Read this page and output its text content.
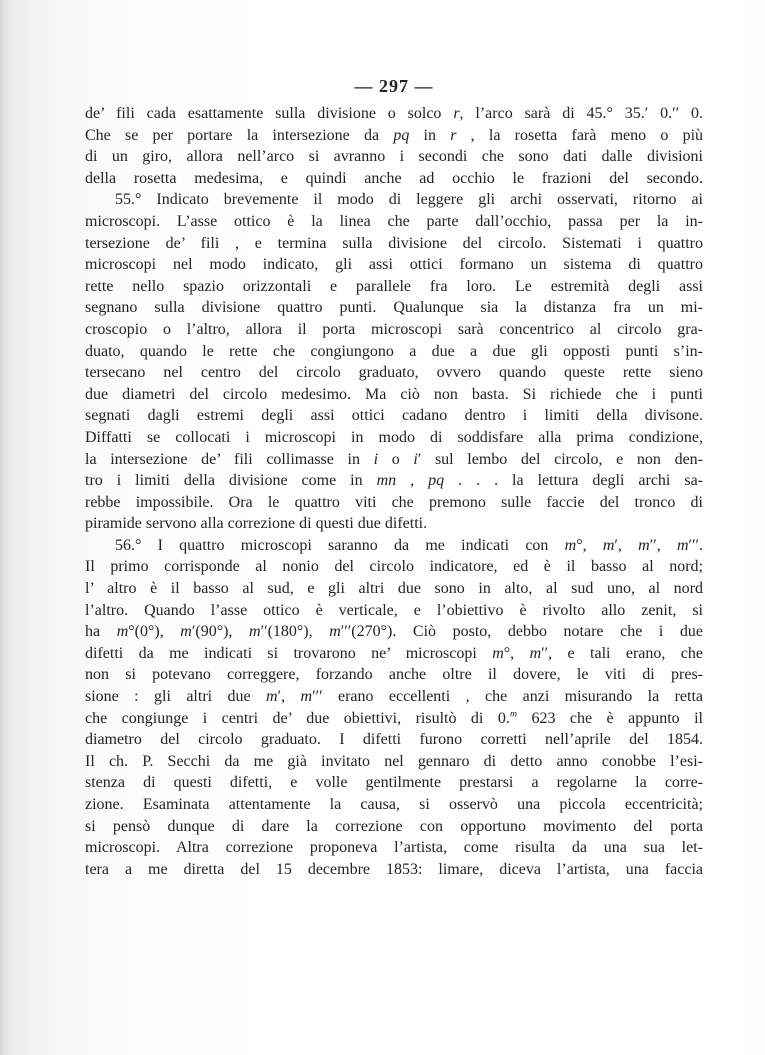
— 297 —
de’ fili cada esattamente sulla divisione o solco r, l’arco sarà di 45.° 35.′ 0.′′ 0.
Che se per portare la intersezione da pq in r , la rosetta farà meno o più
di un giro, allora nell’arco si avranno i secondi che sono dati dalle divisioni
della rosetta medesima, e quindi anche ad occhio le frazioni del secondo.
55.° Indicato brevemente il modo di leggere gli archi osservati, ritorno ai
microscopi. L’asse ottico è la linea che parte dall’occhio, passa per la in-
tersezione de’ fili , e termina sulla divisione del circolo. Sistemati i quattro
microscopi nel modo indicato, gli assi ottici formano un sistema di quattro
rette nello spazio orizzontali e parallele fra loro. Le estremità degli assi
segnano sulla divisione quattro punti. Qualunque sia la distanza fra un mi-
croscopio o l’altro, allora il porta microscopi sarà concentrico al circolo gra-
duato, quando le rette che congiungono a due a due gli opposti punti s’in-
tersecano nel centro del circolo graduato, ovvero quando queste rette sieno
due diametri del circolo medesimo. Ma ciò non basta. Si richiede che i punti
segnati dagli estremi degli assi ottici cadano dentro i limiti della divisone.
Diffatti se collocati i microscopi in modo di soddisfare alla prima condizione,
la intersezione de’ fili collimasse in i o i′ sul lembo del circolo, e non den-
tro i limiti della divisione come in mn , pq . . . la lettura degli archi sa-
rebbe impossibile. Ora le quattro viti che premono sulle faccie del tronco di
piramide servono alla correzione di questi due difetti.
56.° I quattro microscopi saranno da me indicati con m°, m′, m′′, m′′′.
Il primo corrisponde al nonio del circolo indicatore, ed è il basso al nord;
l’ altro è il basso al sud, e gli altri due sono in alto, al sud uno, al nord
l’altro. Quando l’asse ottico è verticale, e l’obiettivo è rivolto allo zenit, si
ha m°(0°), m′(90°), m′′(180°), m′′′(270°). Ciò posto, debbo notare che i due
difetti da me indicati si trovarono ne’ microscopi m°, m′′, e tali erano, che
non si potevano correggere, forzando anche oltre il dovere, le viti di pres-
sione : gli altri due m′, m′′′ erano eccellenti , che anzi misurando la retta
che congiunge i centri de’ due obiettivi, risultò di 0.$^m$ 623 che è appunto il
diametro del circolo graduato. I difetti furono corretti nell’aprile del 1854.
Il ch. P. Secchi da me già invitato nel gennaro di detto anno conobbe l’esi-
stenza di questi difetti, e volle gentilmente prestarsi a regolarne la corre-
zione. Esaminata attentamente la causa, si osservò una piccola eccentricità;
si pensò dunque di dare la correzione con opportuno movimento del porta
microscopi. Altra correzione proponeva l’artista, come risulta da una sua let-
tera a me diretta del 15 decembre 1853: limare, diceva l’artista, una faccia
